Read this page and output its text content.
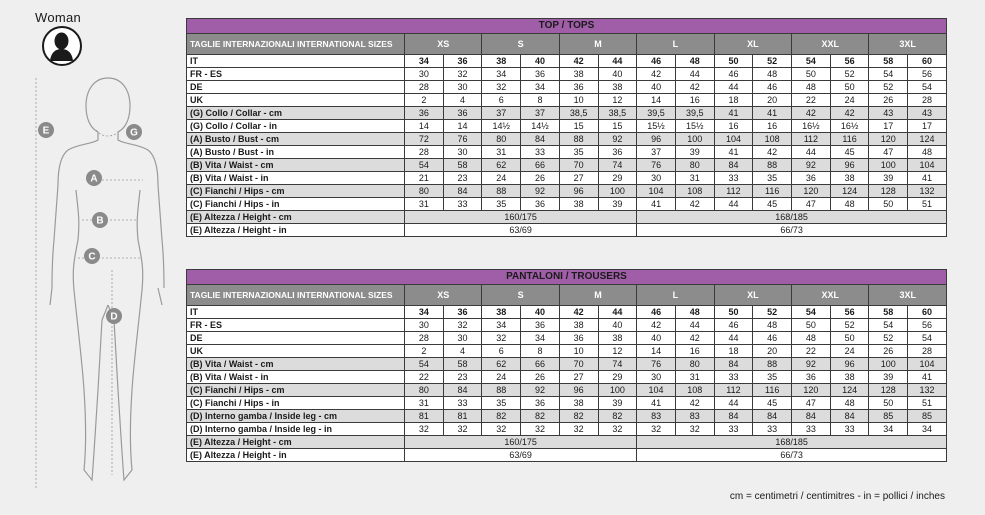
Woman
E	G
A
B
C
D
TOP / TOPS														
TAGLIE INTERNAZIONALI INTERNATIONAL SIZES	XS		S		M		L		XL		XXL		3XL	
IT	34	36	38	40	42	44	46	48	50	52	54	56	58	60
FR - ES	30	32	34	36	38	40	42	44	46	48	50	52	54	56
DE	28	30	32	34	36	38	40	42	44	46	48	50	52	54
UK	2	4	6	8	10	12	14	16	18	20	22	24	26	28
(G) Collo / Collar - cm	36	36	37	37	38,5	38,5	39,5	39,5	41	41	42	42	43	43
(G) Collo / Collar - in	14	14	14½	14½	15	15	15½	15½	16	16	16½	16½	17	17
(A) Busto / Bust - cm	72	76	80	84	88	92	96	100	104	108	112	116	120	124
(A) Busto / Bust - in	28	30	31	33	35	36	37	39	41	42	44	45	47	48
(B) Vita / Waist - cm	54	58	62	66	70	74	76	80	84	88	92	96	100	104
(B) Vita / Waist - in	21	23	24	26	27	29	30	31	33	35	36	38	39	41
(C) Fianchi / Hips - cm	80	84	88	92	96	100	104	108	112	116	120	124	128	132
(C) Fianchi / Hips - in	31	33	35	36	38	39	41	42	44	45	47	48	50	51
(E) Altezza / Height - cm	160/175						168/185							
(E) Altezza / Height - in	63/69						66/73							
PANTALONI / TROUSERS														
TAGLIE INTERNAZIONALI INTERNATIONAL SIZES	XS		S		M		L		XL		XXL		3XL	
IT	34	36	38	40	42	44	46	48	50	52	54	56	58	60
FR - ES	30	32	34	36	38	40	42	44	46	48	50	52	54	56
DE	28	30	32	34	36	38	40	42	44	46	48	50	52	54
UK	2	4	6	8	10	12	14	16	18	20	22	24	26	28
(B) Vita / Waist - cm	54	58	62	66	70	74	76	80	84	88	92	96	100	104
(B) Vita / Waist - in	22	23	24	26	27	29	30	31	33	35	36	38	39	41
(C) Fianchi / Hips - cm	80	84	88	92	96	100	104	108	112	116	120	124	128	132
(C) Fianchi / Hips - in	31	33	35	36	38	39	41	42	44	45	47	48	50	51
(D) Interno gamba / Inside leg - cm	81	81	82	82	82	82	83	83	84	84	84	84	85	85
(D) Interno gamba / Inside leg - in	32	32	32	32	32	32	32	32	33	33	33	33	34	34
(E) Altezza / Height - cm	160/175						168/185							
(E) Altezza / Height - in	63/69						66/73							
cm = centimetri / centimitres - in = pollici / inches
